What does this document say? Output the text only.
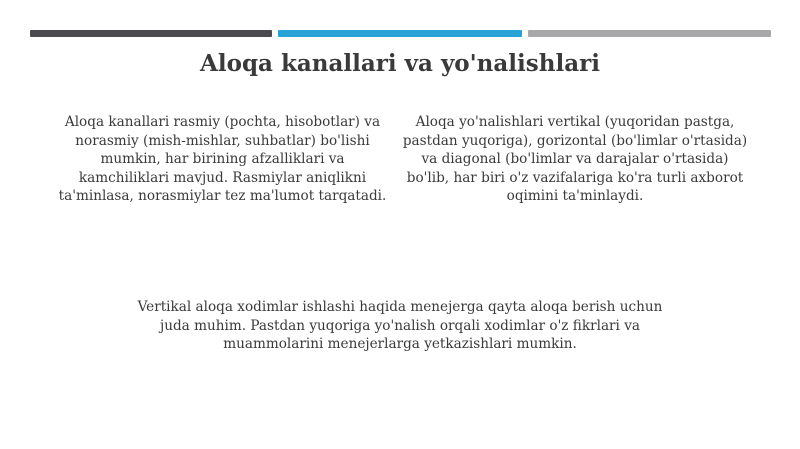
Aloqa kanallari va yo'nalishlari

Aloqa kanallari rasmiy (pochta, hisobotlar) va norasmiy (mish-mishlar, suhbatlar) bo'lishi mumkin, har birining afzalliklari va kamchiliklari mavjud. Rasmiylar aniqlikni ta'minlasa, norasmiylar tez ma'lumot tarqatadi.

Aloqa yo'nalishlari vertikal (yuqoridan pastga, pastdan yuqoriga), gorizontal (bo'limlar o'rtasida) va diagonal (bo'limlar va darajalar o'rtasida) bo'lib, har biri o'z vazifalariga ko'ra turli axborot oqimini ta'minlaydi.

Vertikal aloqa xodimlar ishlashi haqida menejerga qayta aloqa berish uchun juda muhim. Pastdan yuqoriga yo'nalish orqali xodimlar o'z fikrlari va muammolarini menejerlarga yetkazishlari mumkin.
